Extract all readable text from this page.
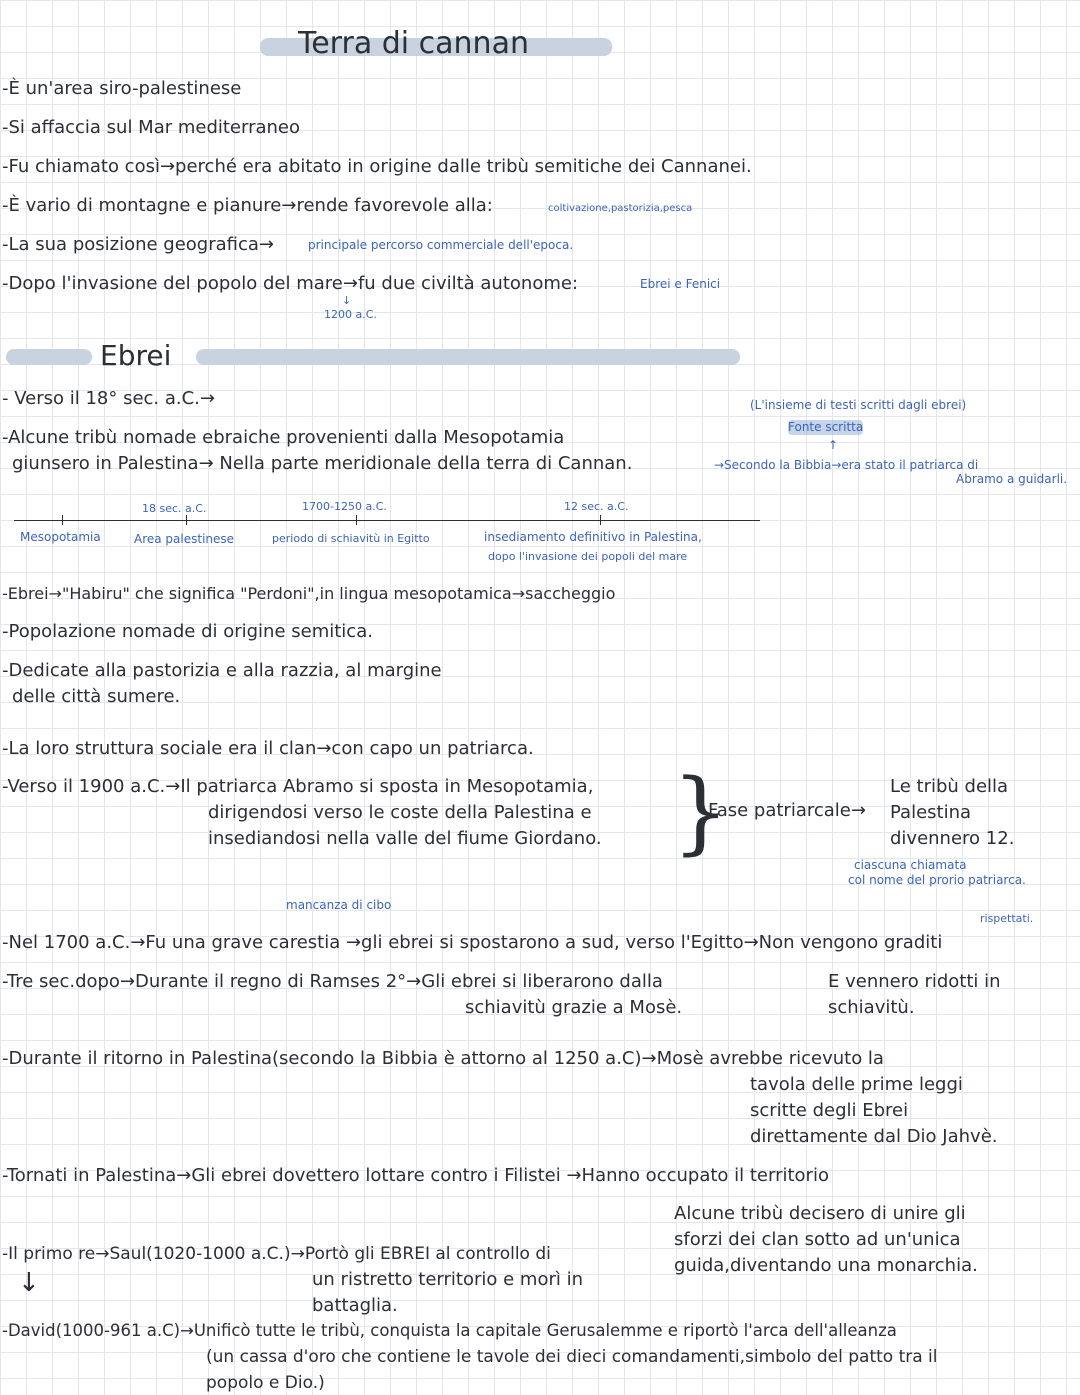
Terra di cannan
-È un'area siro-palestinese
-Si affaccia sul Mar mediterraneo
-Fu chiamato così→perché era abitato in origine dalle tribù semitiche dei Cannanei.
-È vario di montagne e pianure→rende favorevole alla:	coltivazione,pastorizia,pesca
-La sua posizione geografica→	principale percorso commerciale dell'epoca.
-Dopo l'invasione del popolo del mare→fu due civiltà autonome:	Ebrei e Fenici
↓
1200 a.C.
Ebrei
- Verso il 18° sec. a.C.→	(L'insieme di testi scritti dagli ebrei)
Fonte scritta
↑
-Alcune tribù nomade ebraiche provenienti dalla Mesopotamia
giunsero in Palestina→ Nella parte meridionale della terra di Cannan.	→Secondo la Bibbia→era stato il patriarca di
Abramo a guidarli.
18 sec. a.C.	1700-1250 a.C.	12 sec. a.C.
Mesopotamia	Area palestinese	periodo di schiavitù in Egitto	insediamento definitivo in Palestina,
dopo l'invasione dei popoli del mare
-Ebrei→"Habiru" che significa "Perdoni",in lingua mesopotamica→saccheggio
-Popolazione nomade di origine semitica.
-Dedicate alla pastorizia e alla razzia, al margine
delle città sumere.
-La loro struttura sociale era il clan→con capo un patriarca.
-Verso il 1900 a.C.→Il patriarca Abramo si sposta in Mesopotamia,
dirigendosi verso le coste della Palestina e
insediandosi nella valle del fiume Giordano. }
Fase patriarcale→
Le tribù della
Palestina
divennero 12.
ciascuna chiamata
col nome del prorio patriarca.
mancanza di cibo
-Nel 1700 a.C.→Fu una grave carestia →gli ebrei si spostarono a sud, verso l'Egitto→Non vengono graditi
rispettati.
-Tre sec.dopo→Durante il regno di Ramses 2°→Gli ebrei si liberarono dalla
schiavitù grazie a Mosè.
E vennero ridotti in
schiavitù.
-Durante il ritorno in Palestina(secondo la Bibbia è attorno al 1250 a.C)→Mosè avrebbe ricevuto la
tavola delle prime leggi
scritte degli Ebrei
direttamente dal Dio Jahvè.
-Tornati in Palestina→Gli ebrei dovettero lottare contro i Filistei →Hanno occupato il territorio
Alcune tribù decisero di unire gli
sforzi dei clan sotto ad un'unica
guida,diventando una monarchia.
-Il primo re→Saul(1020-1000 a.C.)→Portò gli EBREI al controllo di
un ristretto territorio e morì in
battaglia.
↓
-David(1000-961 a.C)→Unificò tutte le tribù, conquista la capitale Gerusalemme e riportò l'arca dell'alleanza
(un cassa d'oro che contiene le tavole dei dieci comandamenti,simbolo del patto tra il
popolo e Dio.)
